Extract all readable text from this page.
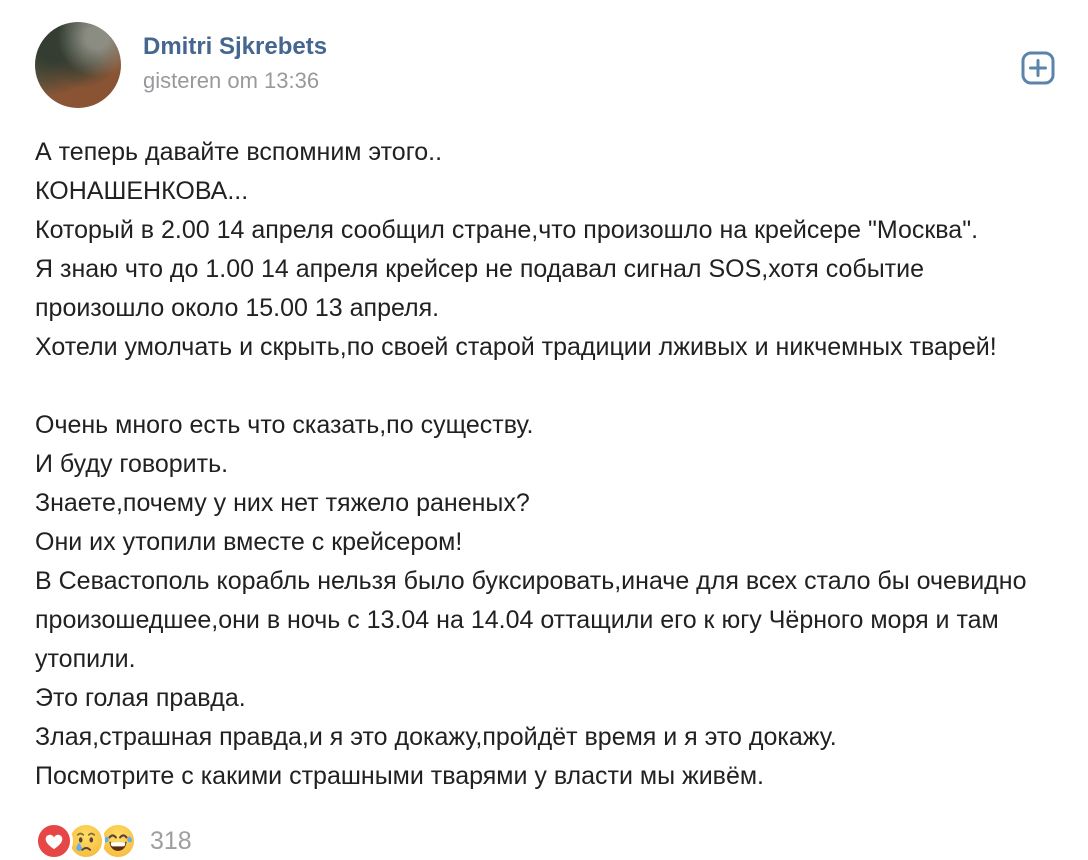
Dmitri Sjkrebets
gisteren om 13:36
А теперь давайте вспомним этого..
КОНАШЕНКОВА...
Который в 2.00 14 апреля сообщил стране,что произошло на крейсере "Москва".
Я знаю что до 1.00 14 апреля крейсер не подавал сигнал SOS,хотя событие произошло около 15.00 13 апреля.
Хотели умолчать и скрыть,по своей старой традиции лживых и никчемных тварей!

Очень много есть что сказать,по существу.
И буду говорить.
Знаете,почему у них нет тяжело раненых?
Они их утопили вместе с крейсером!
В Севастополь корабль нельзя было буксировать,иначе для всех стало бы очевидно произошедшее,они в ночь с 13.04 на 14.04 оттащили его к югу Чёрного моря и там утопили.
Это голая правда.
Злая,страшная правда,и я это докажу,пройдёт время и я это докажу.
Посмотрите с какими страшными тварями у власти мы живём.
318
